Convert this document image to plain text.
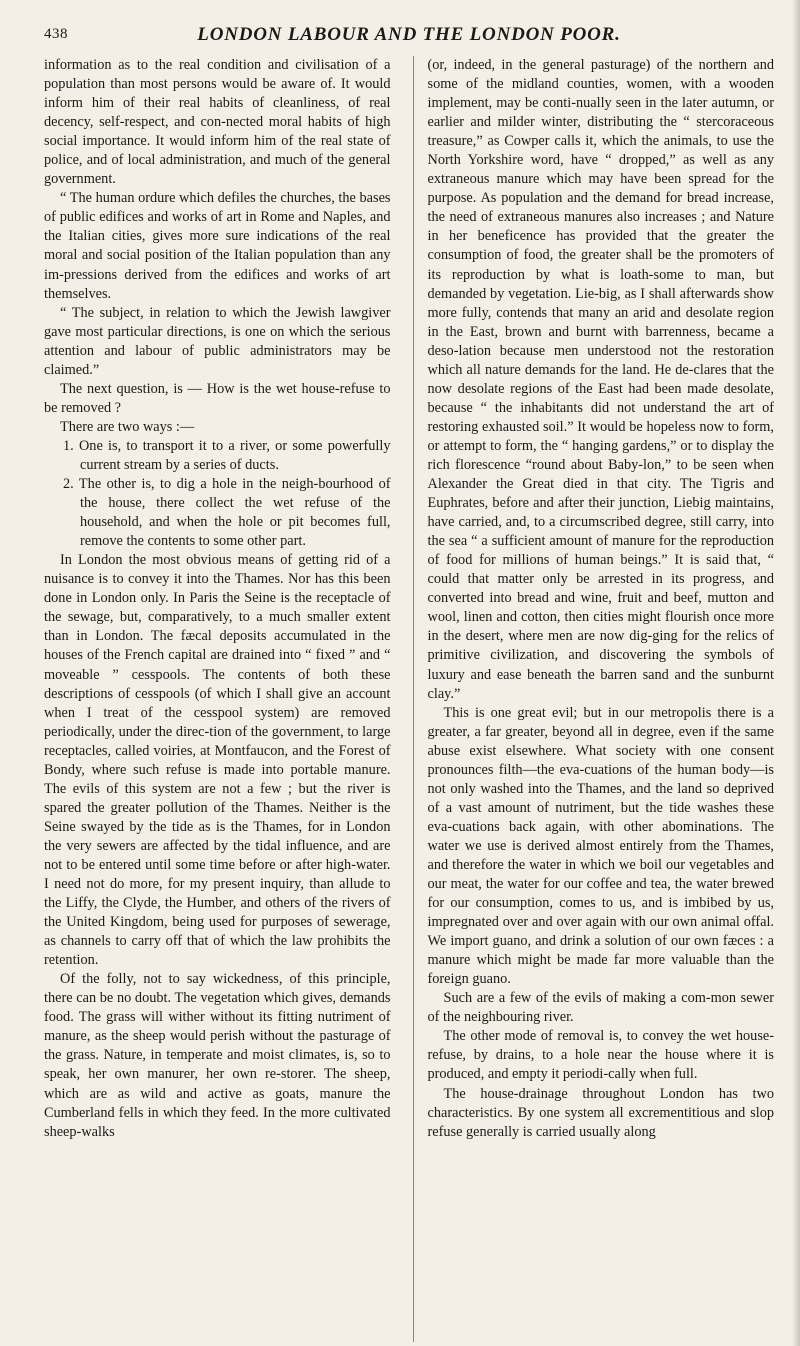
438	LONDON LABOUR AND THE LONDON POOR.

information as to the real condition and civilisation of a population than most persons would be aware of. It would inform him of their real habits of cleanliness, of real decency, self-respect, and con-nected moral habits of high social importance. It would inform him of the real state of police, and of local administration, and much of the general government.

“ The human ordure which defiles the churches, the bases of public edifices and works of art in Rome and Naples, and the Italian cities, gives more sure indications of the real moral and social position of the Italian population than any im-pressions derived from the edifices and works of art themselves.

“ The subject, in relation to which the Jewish lawgiver gave most particular directions, is one on which the serious attention and labour of public administrators may be claimed.”

The next question, is — How is the wet house-refuse to be removed ?

There are two ways :—

1. One is, to transport it to a river, or some powerfully current stream by a series of ducts.

2. The other is, to dig a hole in the neigh-bourhood of the house, there collect the wet refuse of the household, and when the hole or pit becomes full, remove the contents to some other part.

In London the most obvious means of getting rid of a nuisance is to convey it into the Thames. Nor has this been done in London only. In Paris the Seine is the receptacle of the sewage, but, comparatively, to a much smaller extent than in London. The fæcal deposits accumulated in the houses of the French capital are drained into “ fixed ” and “ moveable ” cesspools. The contents of both these descriptions of cesspools (of which I shall give an account when I treat of the cesspool system) are removed periodically, under the direc-tion of the government, to large receptacles, called voiries, at Montfaucon, and the Forest of Bondy, where such refuse is made into portable manure. The evils of this system are not a few ; but the river is spared the greater pollution of the Thames. Neither is the Seine swayed by the tide as is the Thames, for in London the very sewers are affected by the tidal influence, and are not to be entered until some time before or after high-water. I need not do more, for my present inquiry, than allude to the Liffy, the Clyde, the Humber, and others of the rivers of the United Kingdom, being used for purposes of sewerage, as channels to carry off that of which the law prohibits the retention.

Of the folly, not to say wickedness, of this principle, there can be no doubt. The vegetation which gives, demands food. The grass will wither without its fitting nutriment of manure, as the sheep would perish without the pasturage of the grass. Nature, in temperate and moist climates, is, so to speak, her own manurer, her own re-storer. The sheep, which are as wild and active as goats, manure the Cumberland fells in which they feed. In the more cultivated sheep-walks

(or, indeed, in the general pasturage) of the northern and some of the midland counties, women, with a wooden implement, may be conti-nually seen in the later autumn, or earlier and milder winter, distributing the “ stercoraceous treasure,” as Cowper calls it, which the animals, to use the North Yorkshire word, have “ dropped,” as well as any extraneous manure which may have been spread for the purpose. As population and the demand for bread increase, the need of extraneous manures also increases ; and Nature in her beneficence has provided that the greater the consumption of food, the greater shall be the promoters of its reproduction by what is loath-some to man, but demanded by vegetation. Lie-big, as I shall afterwards show more fully, contends that many an arid and desolate region in the East, brown and burnt with barrenness, became a deso-lation because men understood not the restoration which all nature demands for the land. He de-clares that the now desolate regions of the East had been made desolate, because “ the inhabitants did not understand the art of restoring exhausted soil.” It would be hopeless now to form, or attempt to form, the “ hanging gardens,” or to display the rich florescence “round about Baby-lon,” to be seen when Alexander the Great died in that city. The Tigris and Euphrates, before and after their junction, Liebig maintains, have carried, and, to a circumscribed degree, still carry, into the sea “ a sufficient amount of manure for the reproduction of food for millions of human beings.” It is said that, “ could that matter only be arrested in its progress, and converted into bread and wine, fruit and beef, mutton and wool, linen and cotton, then cities might flourish once more in the desert, where men are now dig-ging for the relics of primitive civilization, and discovering the symbols of luxury and ease beneath the barren sand and the sunburnt clay.”

This is one great evil; but in our metropolis there is a greater, a far greater, beyond all in degree, even if the same abuse exist elsewhere. What society with one consent pronounces filth—the eva-cuations of the human body—is not only washed into the Thames, and the land so deprived of a vast amount of nutriment, but the tide washes these eva-cuations back again, with other abominations. The water we use is derived almost entirely from the Thames, and therefore the water in which we boil our vegetables and our meat, the water for our coffee and tea, the water brewed for our consumption, comes to us, and is imbibed by us, impregnated over and over again with our own animal offal. We import guano, and drink a solution of our own fæces : a manure which might be made far more valuable than the foreign guano.

Such are a few of the evils of making a com-mon sewer of the neighbouring river.

The other mode of removal is, to convey the wet house-refuse, by drains, to a hole near the house where it is produced, and empty it periodi-cally when full.

The house-drainage throughout London has two characteristics. By one system all excrementitious and slop refuse generally is carried usually along
